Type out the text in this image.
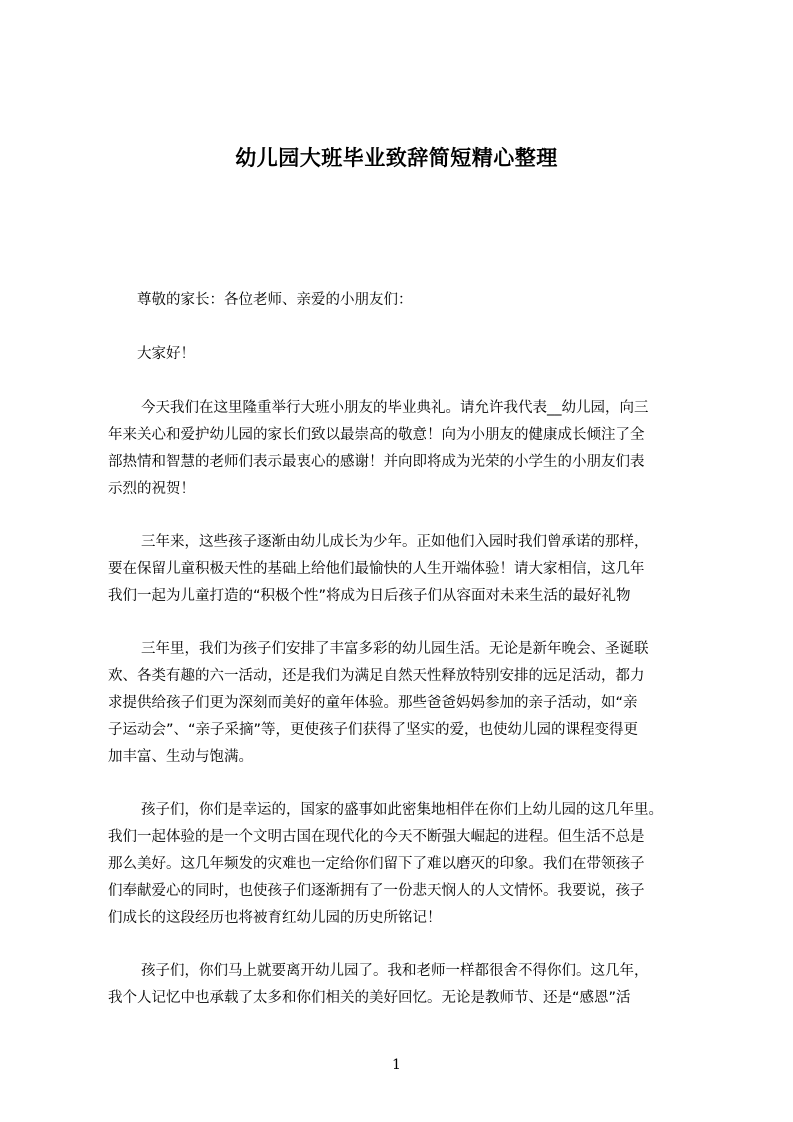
幼儿园大班毕业致辞简短精心整理
尊敬的家长：各位老师、亲爱的小朋友们：
大家好！
今天我们在这里隆重举行大班小朋友的毕业典礼。请允许我代表__幼儿园，向三
年来关心和爱护幼儿园的家长们致以最崇高的敬意！向为小朋友的健康成长倾注了全
部热情和智慧的老师们表示最衷心的感谢！并向即将成为光荣的小学生的小朋友们表
示烈的祝贺！
三年来，这些孩子逐渐由幼儿成长为少年。正如他们入园时我们曾承诺的那样，
要在保留儿童积极天性的基础上给他们最愉快的人生开端体验！请大家相信，这几年
我们一起为儿童打造的“积极个性”将成为日后孩子们从容面对未来生活的最好礼物
三年里，我们为孩子们安排了丰富多彩的幼儿园生活。无论是新年晚会、圣诞联
欢、各类有趣的六一活动，还是我们为满足自然天性释放特别安排的远足活动，都力
求提供给孩子们更为深刻而美好的童年体验。那些爸爸妈妈参加的亲子活动，如“亲
子运动会”、“亲子采摘”等，更使孩子们获得了坚实的爱，也使幼儿园的课程变得更
加丰富、生动与饱满。
孩子们，你们是幸运的，国家的盛事如此密集地相伴在你们上幼儿园的这几年里。
我们一起体验的是一个文明古国在现代化的今天不断强大崛起的进程。但生活不总是
那么美好。这几年频发的灾难也一定给你们留下了难以磨灭的印象。我们在带领孩子
们奉献爱心的同时，也使孩子们逐渐拥有了一份悲天悯人的人文情怀。我要说，孩子
们成长的这段经历也将被育红幼儿园的历史所铭记！
孩子们，你们马上就要离开幼儿园了。我和老师一样都很舍不得你们。这几年，
我个人记忆中也承载了太多和你们相关的美好回忆。无论是教师节、还是“感恩”活
1
